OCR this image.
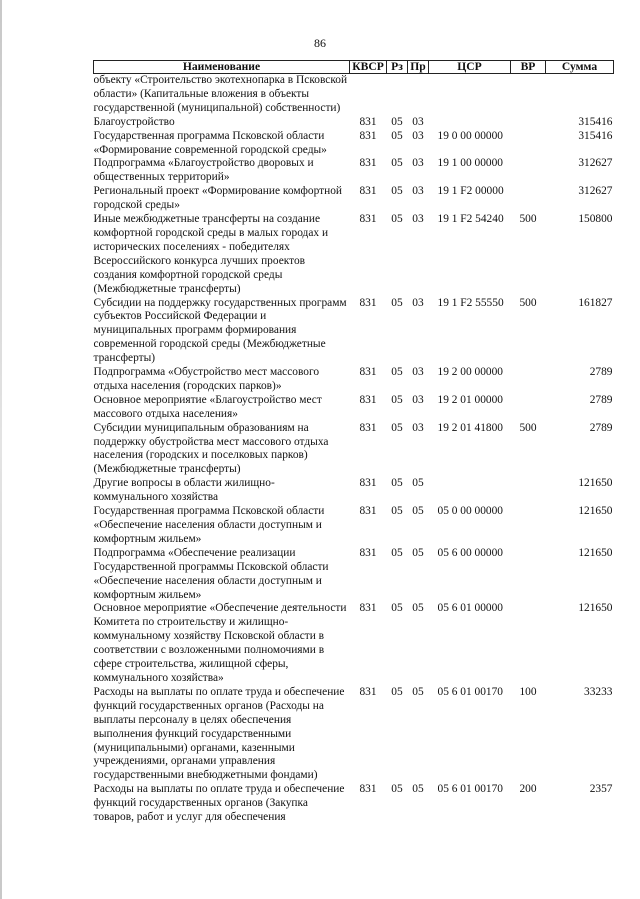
86
Наименование	КВСР	Рз	Пр	ЦСР	ВР	Сумма
объекту «Строительство экотехнопарка в Псковской области» (Капитальные вложения в объекты государственной (муниципальной) собственности)						
Благоустройство	831	05	03			315416
Государственная программа Псковской области «Формирование современной городской среды»	831	05	03	19 0 00 00000		315416
Подпрограмма «Благоустройство дворовых и общественных территорий»	831	05	03	19 1 00 00000		312627
Региональный проект «Формирование комфортной городской среды»	831	05	03	19 1 F2 00000		312627
Иные межбюджетные трансферты на создание комфортной городской среды в малых городах и исторических поселениях - победителях Всероссийского конкурса лучших проектов создания комфортной городской среды (Межбюджетные трансферты)	831	05	03	19 1 F2 54240	500	150800
Субсидии на поддержку государственных программ субъектов Российской Федерации и муниципальных программ формирования современной городской среды (Межбюджетные трансферты)	831	05	03	19 1 F2 55550	500	161827
Подпрограмма «Обустройство мест массового отдыха населения (городских парков)»	831	05	03	19 2 00 00000		2789
Основное мероприятие «Благоустройство мест массового отдыха населения»	831	05	03	19 2 01 00000		2789
Субсидии муниципальным образованиям на поддержку обустройства мест массового отдыха населения (городских и поселковых парков) (Межбюджетные трансферты)	831	05	03	19 2 01 41800	500	2789
Другие вопросы в области жилищно-коммунального хозяйства	831	05	05			121650
Государственная программа Псковской области «Обеспечение населения области доступным и комфортным жильем»	831	05	05	05 0 00 00000		121650
Подпрограмма «Обеспечение реализации Государственной программы Псковской области «Обеспечение населения области доступным и комфортным жильем»	831	05	05	05 6 00 00000		121650
Основное мероприятие «Обеспечение деятельности Комитета по строительству и жилищно-коммунальному хозяйству Псковской области в соответствии с возложенными полномочиями в сфере строительства, жилищной сферы, коммунального хозяйства»	831	05	05	05 6 01 00000		121650
Расходы на выплаты по оплате труда и обеспечение функций государственных органов (Расходы на выплаты персоналу в целях обеспечения выполнения функций государственными (муниципальными) органами, казенными учреждениями, органами управления государственными внебюджетными фондами)	831	05	05	05 6 01 00170	100	33233
Расходы на выплаты по оплате труда и обеспечение функций государственных органов (Закупка товаров, работ и услуг для обеспечения	831	05	05	05 6 01 00170	200	2357
